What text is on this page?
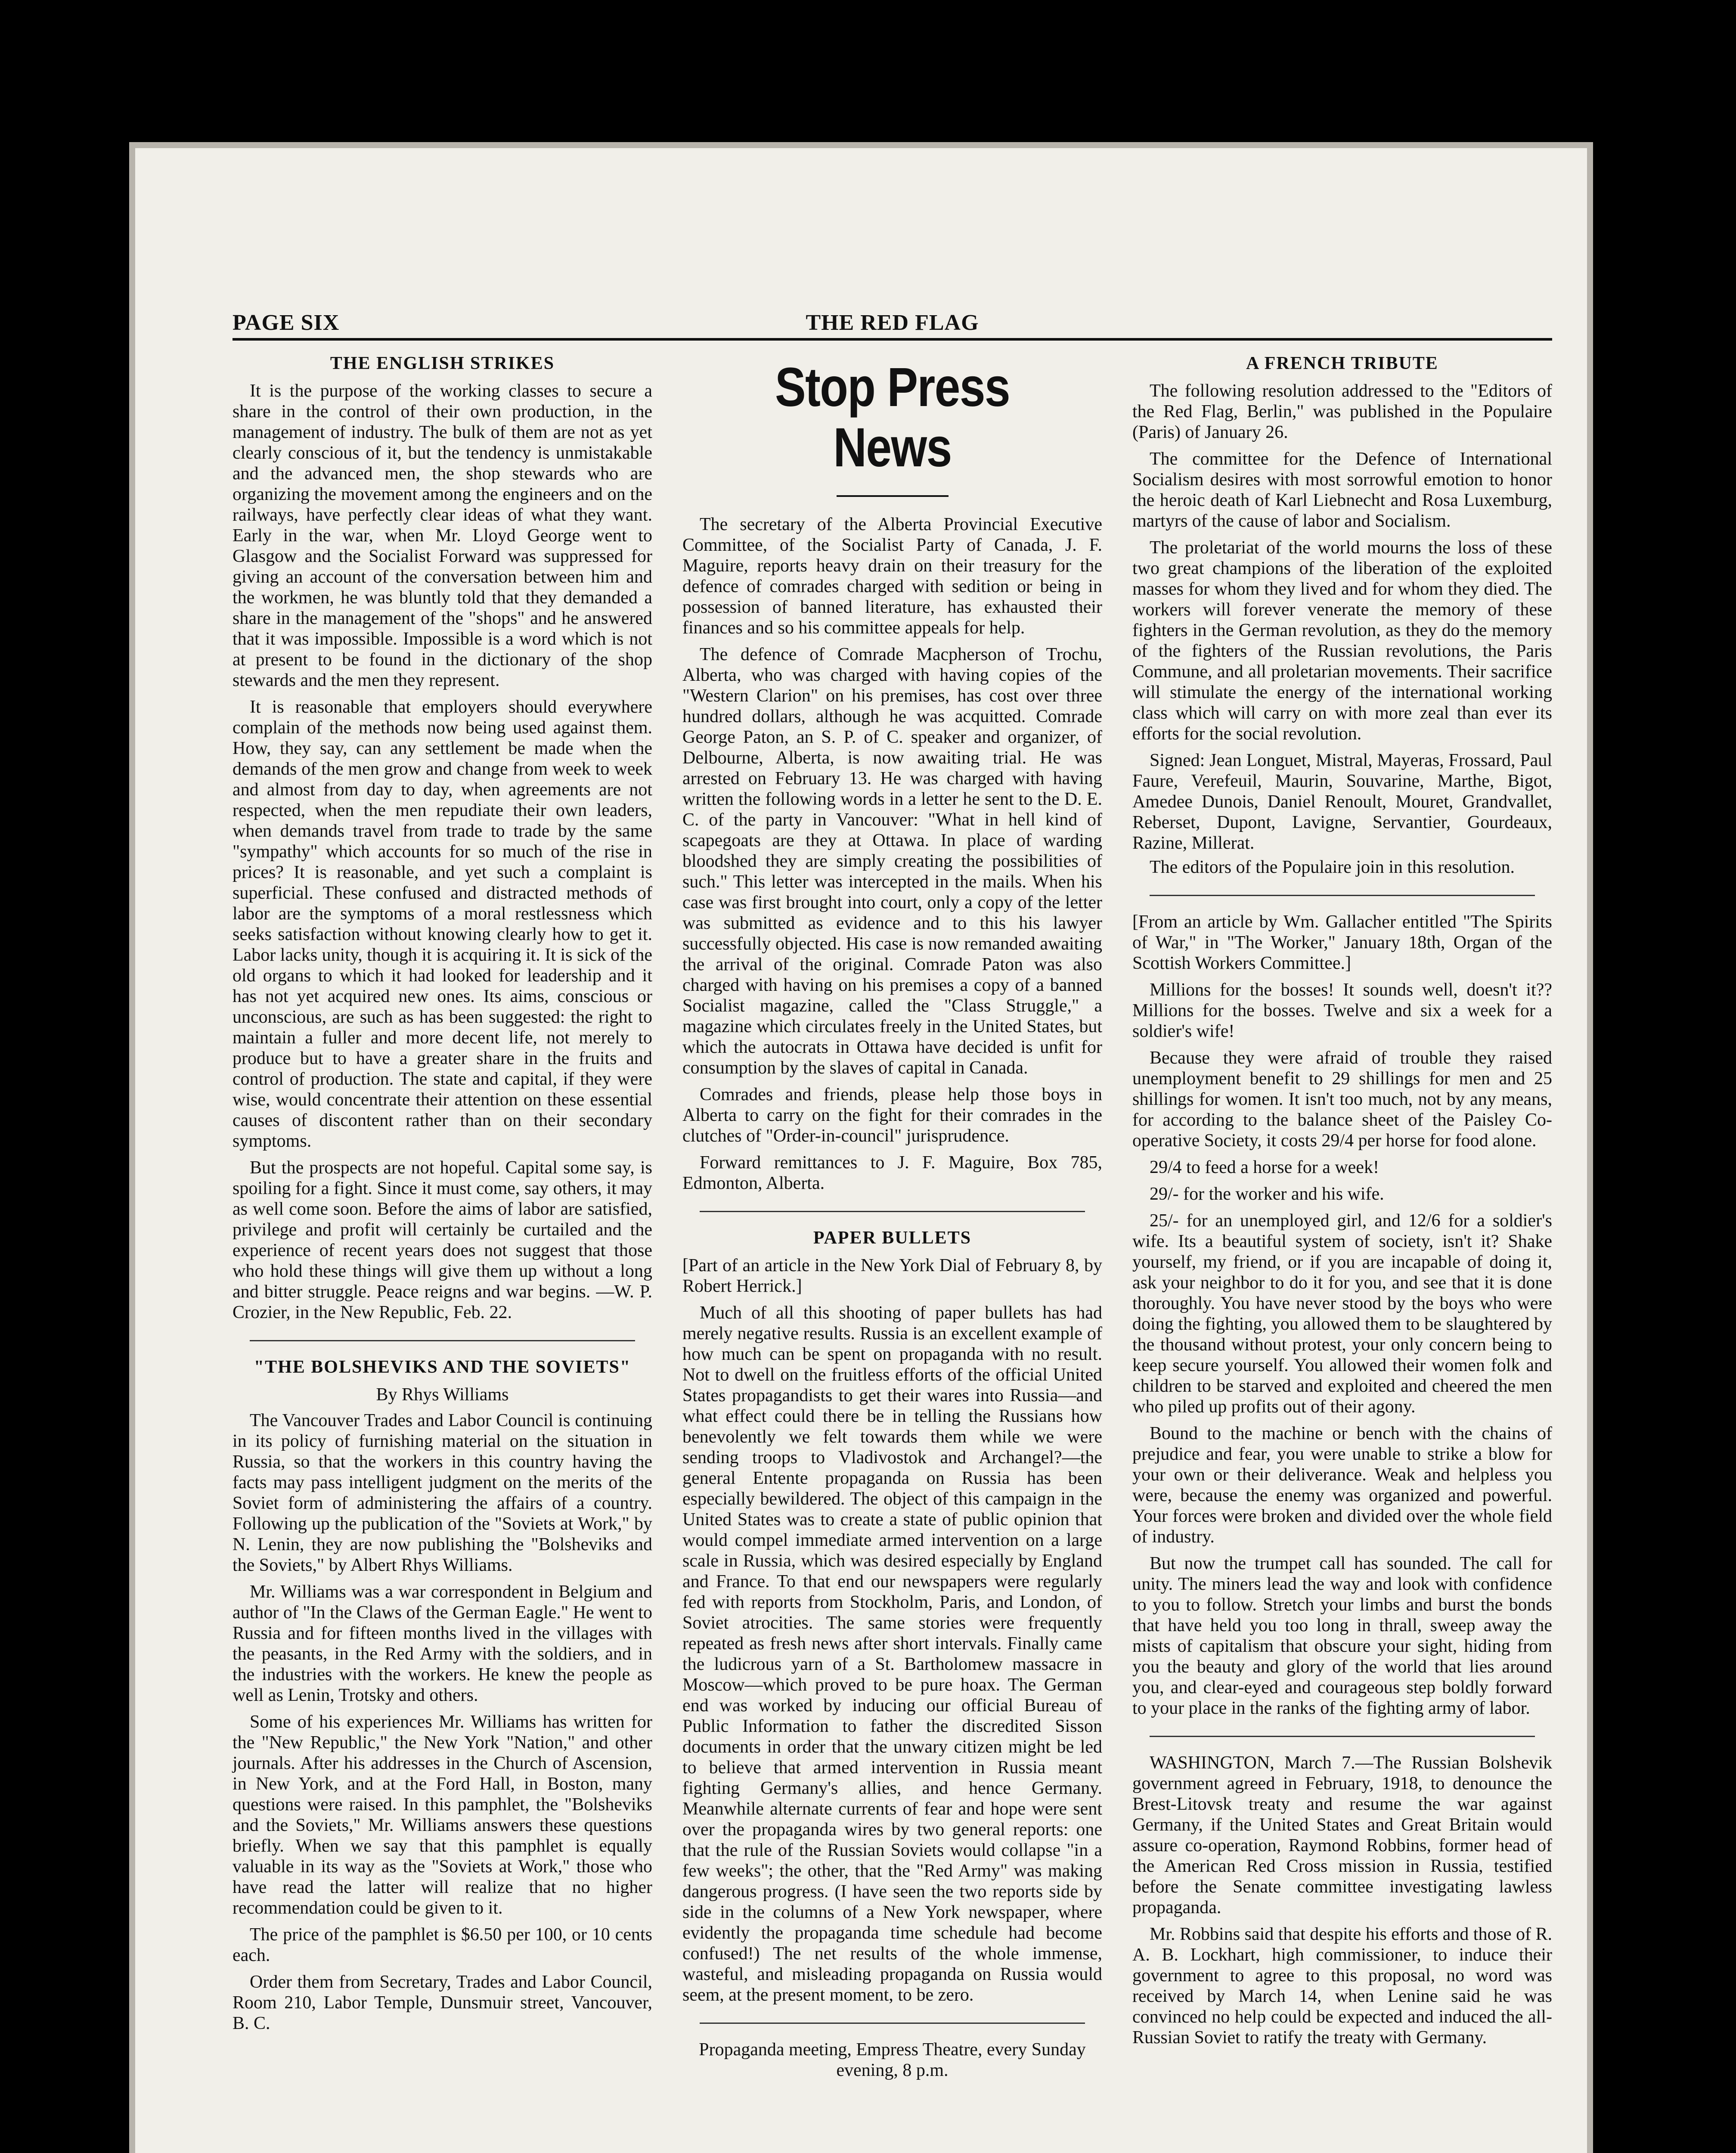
PAGE SIX	THE RED FLAG
THE ENGLISH STRIKES

It is the purpose of the working classes to secure a share in the control of their own production, in the management of industry. The bulk of them are not as yet clearly conscious of it, but the tendency is unmistakable and the advanced men, the shop stewards who are organizing the movement among the engineers and on the railways, have perfectly clear ideas of what they want. Early in the war, when Mr. Lloyd George went to Glasgow and the Socialist Forward was suppressed for giving an account of the conversation between him and the workmen, he was bluntly told that they demanded a share in the management of the "shops" and he answered that it was impossible. Impossible is a word which is not at present to be found in the dictionary of the shop stewards and the men they represent.

It is reasonable that employers should everywhere complain of the methods now being used against them. How, they say, can any settlement be made when the demands of the men grow and change from week to week and almost from day to day, when agreements are not respected, when the men repudiate their own leaders, when demands travel from trade to trade by the same "sympathy" which accounts for so much of the rise in prices? It is reasonable, and yet such a complaint is superficial. These confused and distracted methods of labor are the symptoms of a moral restlessness which seeks satisfaction without knowing clearly how to get it. Labor lacks unity, though it is acquiring it. It is sick of the old organs to which it had looked for leadership and it has not yet acquired new ones. Its aims, conscious or unconscious, are such as has been suggested: the right to maintain a fuller and more decent life, not merely to produce but to have a greater share in the fruits and control of production. The state and capital, if they were wise, would concentrate their attention on these essential causes of discontent rather than on their secondary symptoms.

But the prospects are not hopeful. Capital some say, is spoiling for a fight. Since it must come, say others, it may as well come soon. Before the aims of labor are satisfied, privilege and profit will certainly be curtailed and the experience of recent years does not suggest that those who hold these things will give them up without a long and bitter struggle. Peace reigns and war begins. —W. P. Crozier, in the New Republic, Feb. 22.

"THE BOLSHEVIKS AND THE SOVIETS"
By Rhys Williams

The Vancouver Trades and Labor Council is continuing in its policy of furnishing material on the situation in Russia, so that the workers in this country having the facts may pass intelligent judgment on the merits of the Soviet form of administering the affairs of a country. Following up the publication of the "Soviets at Work," by N. Lenin, they are now publishing the "Bolsheviks and the Soviets," by Albert Rhys Williams.

Mr. Williams was a war correspondent in Belgium and author of "In the Claws of the German Eagle." He went to Russia and for fifteen months lived in the villages with the peasants, in the Red Army with the soldiers, and in the industries with the workers. He knew the people as well as Lenin, Trotsky and others.

Some of his experiences Mr. Williams has written for the "New Republic," the New York "Nation," and other journals. After his addresses in the Church of Ascension, in New York, and at the Ford Hall, in Boston, many questions were raised. In this pamphlet, the "Bolsheviks and the Soviets," Mr. Williams answers these questions briefly. When we say that this pamphlet is equally valuable in its way as the "Soviets at Work," those who have read the latter will realize that no higher recommendation could be given to it.

The price of the pamphlet is $6.50 per 100, or 10 cents each.

Order them from Secretary, Trades and Labor Council, Room 210, Labor Temple, Dunsmuir street, Vancouver, B. C.

Stop Press News

The secretary of the Alberta Provincial Executive Committee, of the Socialist Party of Canada, J. F. Maguire, reports heavy drain on their treasury for the defence of comrades charged with sedition or being in possession of banned literature, has exhausted their finances and so his committee appeals for help.

The defence of Comrade Macpherson of Trochu, Alberta, who was charged with having copies of the "Western Clarion" on his premises, has cost over three hundred dollars, although he was acquitted. Comrade George Paton, an S. P. of C. speaker and organizer, of Delbourne, Alberta, is now awaiting trial. He was arrested on February 13. He was charged with having written the following words in a letter he sent to the D. E. C. of the party in Vancouver: "What in hell kind of scapegoats are they at Ottawa. In place of warding bloodshed they are simply creating the possibilities of such." This letter was intercepted in the mails. When his case was first brought into court, only a copy of the letter was submitted as evidence and to this his lawyer successfully objected. His case is now remanded awaiting the arrival of the original. Comrade Paton was also charged with having on his premises a copy of a banned Socialist magazine, called the "Class Struggle," a magazine which circulates freely in the United States, but which the autocrats in Ottawa have decided is unfit for consumption by the slaves of capital in Canada.

Comrades and friends, please help those boys in Alberta to carry on the fight for their comrades in the clutches of "Order-in-council" jurisprudence.

Forward remittances to J. F. Maguire, Box 785, Edmonton, Alberta.

PAPER BULLETS

[Part of an article in the New York Dial of February 8, by Robert Herrick.]

Much of all this shooting of paper bullets has had merely negative results. Russia is an excellent example of how much can be spent on propaganda with no result. Not to dwell on the fruitless efforts of the official United States propagandists to get their wares into Russia—and what effect could there be in telling the Russians how benevolently we felt towards them while we were sending troops to Vladivostok and Archangel?—the general Entente propaganda on Russia has been especially bewildered. The object of this campaign in the United States was to create a state of public opinion that would compel immediate armed intervention on a large scale in Russia, which was desired especially by England and France. To that end our newspapers were regularly fed with reports from Stockholm, Paris, and London, of Soviet atrocities. The same stories were frequently repeated as fresh news after short intervals. Finally came the ludicrous yarn of a St. Bartholomew massacre in Moscow—which proved to be pure hoax. The German end was worked by inducing our official Bureau of Public Information to father the discredited Sisson documents in order that the unwary citizen might be led to believe that armed intervention in Russia meant fighting Germany's allies, and hence Germany. Meanwhile alternate currents of fear and hope were sent over the propaganda wires by two general reports: one that the rule of the Russian Soviets would collapse "in a few weeks"; the other, that the "Red Army" was making dangerous progress. (I have seen the two reports side by side in the columns of a New York newspaper, where evidently the propaganda time schedule had become confused!) The net results of the whole immense, wasteful, and misleading propaganda on Russia would seem, at the present moment, to be zero.

Propaganda meeting, Empress Theatre, every Sunday evening, 8 p.m.

A FRENCH TRIBUTE

The following resolution addressed to the "Editors of the Red Flag, Berlin," was published in the Populaire (Paris) of January 26.

The committee for the Defence of International Socialism desires with most sorrowful emotion to honor the heroic death of Karl Liebnecht and Rosa Luxemburg, martyrs of the cause of labor and Socialism.

The proletariat of the world mourns the loss of these two great champions of the liberation of the exploited masses for whom they lived and for whom they died. The workers will forever venerate the memory of these fighters in the German revolution, as they do the memory of the fighters of the Russian revolutions, the Paris Commune, and all proletarian movements. Their sacrifice will stimulate the energy of the international working class which will carry on with more zeal than ever its efforts for the social revolution.

Signed: Jean Longuet, Mistral, Mayeras, Frossard, Paul Faure, Verefeuil, Maurin, Souvarine, Marthe, Bigot, Amedee Dunois, Daniel Renoult, Mouret, Grandvallet, Reberset, Dupont, Lavigne, Servantier, Gourdeaux, Razine, Millerat.

The editors of the Populaire join in this resolution.

[From an article by Wm. Gallacher entitled "The Spirits of War," in "The Worker," January 18th, Organ of the Scottish Workers Committee.]

Millions for the bosses! It sounds well, doesn't it?? Millions for the bosses. Twelve and six a week for a soldier's wife!

Because they were afraid of trouble they raised unemployment benefit to 29 shillings for men and 25 shillings for women. It isn't too much, not by any means, for according to the balance sheet of the Paisley Co-operative Society, it costs 29/4 per horse for food alone.

29/4 to feed a horse for a week!

29/- for the worker and his wife.

25/- for an unemployed girl, and 12/6 for a soldier's wife. Its a beautiful system of society, isn't it? Shake yourself, my friend, or if you are incapable of doing it, ask your neighbor to do it for you, and see that it is done thoroughly. You have never stood by the boys who were doing the fighting, you allowed them to be slaughtered by the thousand without protest, your only concern being to keep secure yourself. You allowed their women folk and children to be starved and exploited and cheered the men who piled up profits out of their agony.

Bound to the machine or bench with the chains of prejudice and fear, you were unable to strike a blow for your own or their deliverance. Weak and helpless you were, because the enemy was organized and powerful. Your forces were broken and divided over the whole field of industry.

But now the trumpet call has sounded. The call for unity. The miners lead the way and look with confidence to you to follow. Stretch your limbs and burst the bonds that have held you too long in thrall, sweep away the mists of capitalism that obscure your sight, hiding from you the beauty and glory of the world that lies around you, and clear-eyed and courageous step boldly forward to your place in the ranks of the fighting army of labor.

WASHINGTON, March 7.—The Russian Bolshevik government agreed in February, 1918, to denounce the Brest-Litovsk treaty and resume the war against Germany, if the United States and Great Britain would assure co-operation, Raymond Robbins, former head of the American Red Cross mission in Russia, testified before the Senate committee investigating lawless propaganda.

Mr. Robbins said that despite his efforts and those of R. A. B. Lockhart, high commissioner, to induce their government to agree to this proposal, no word was received by March 14, when Lenine said he was convinced no help could be expected and induced the all-Russian Soviet to ratify the treaty with Germany.
